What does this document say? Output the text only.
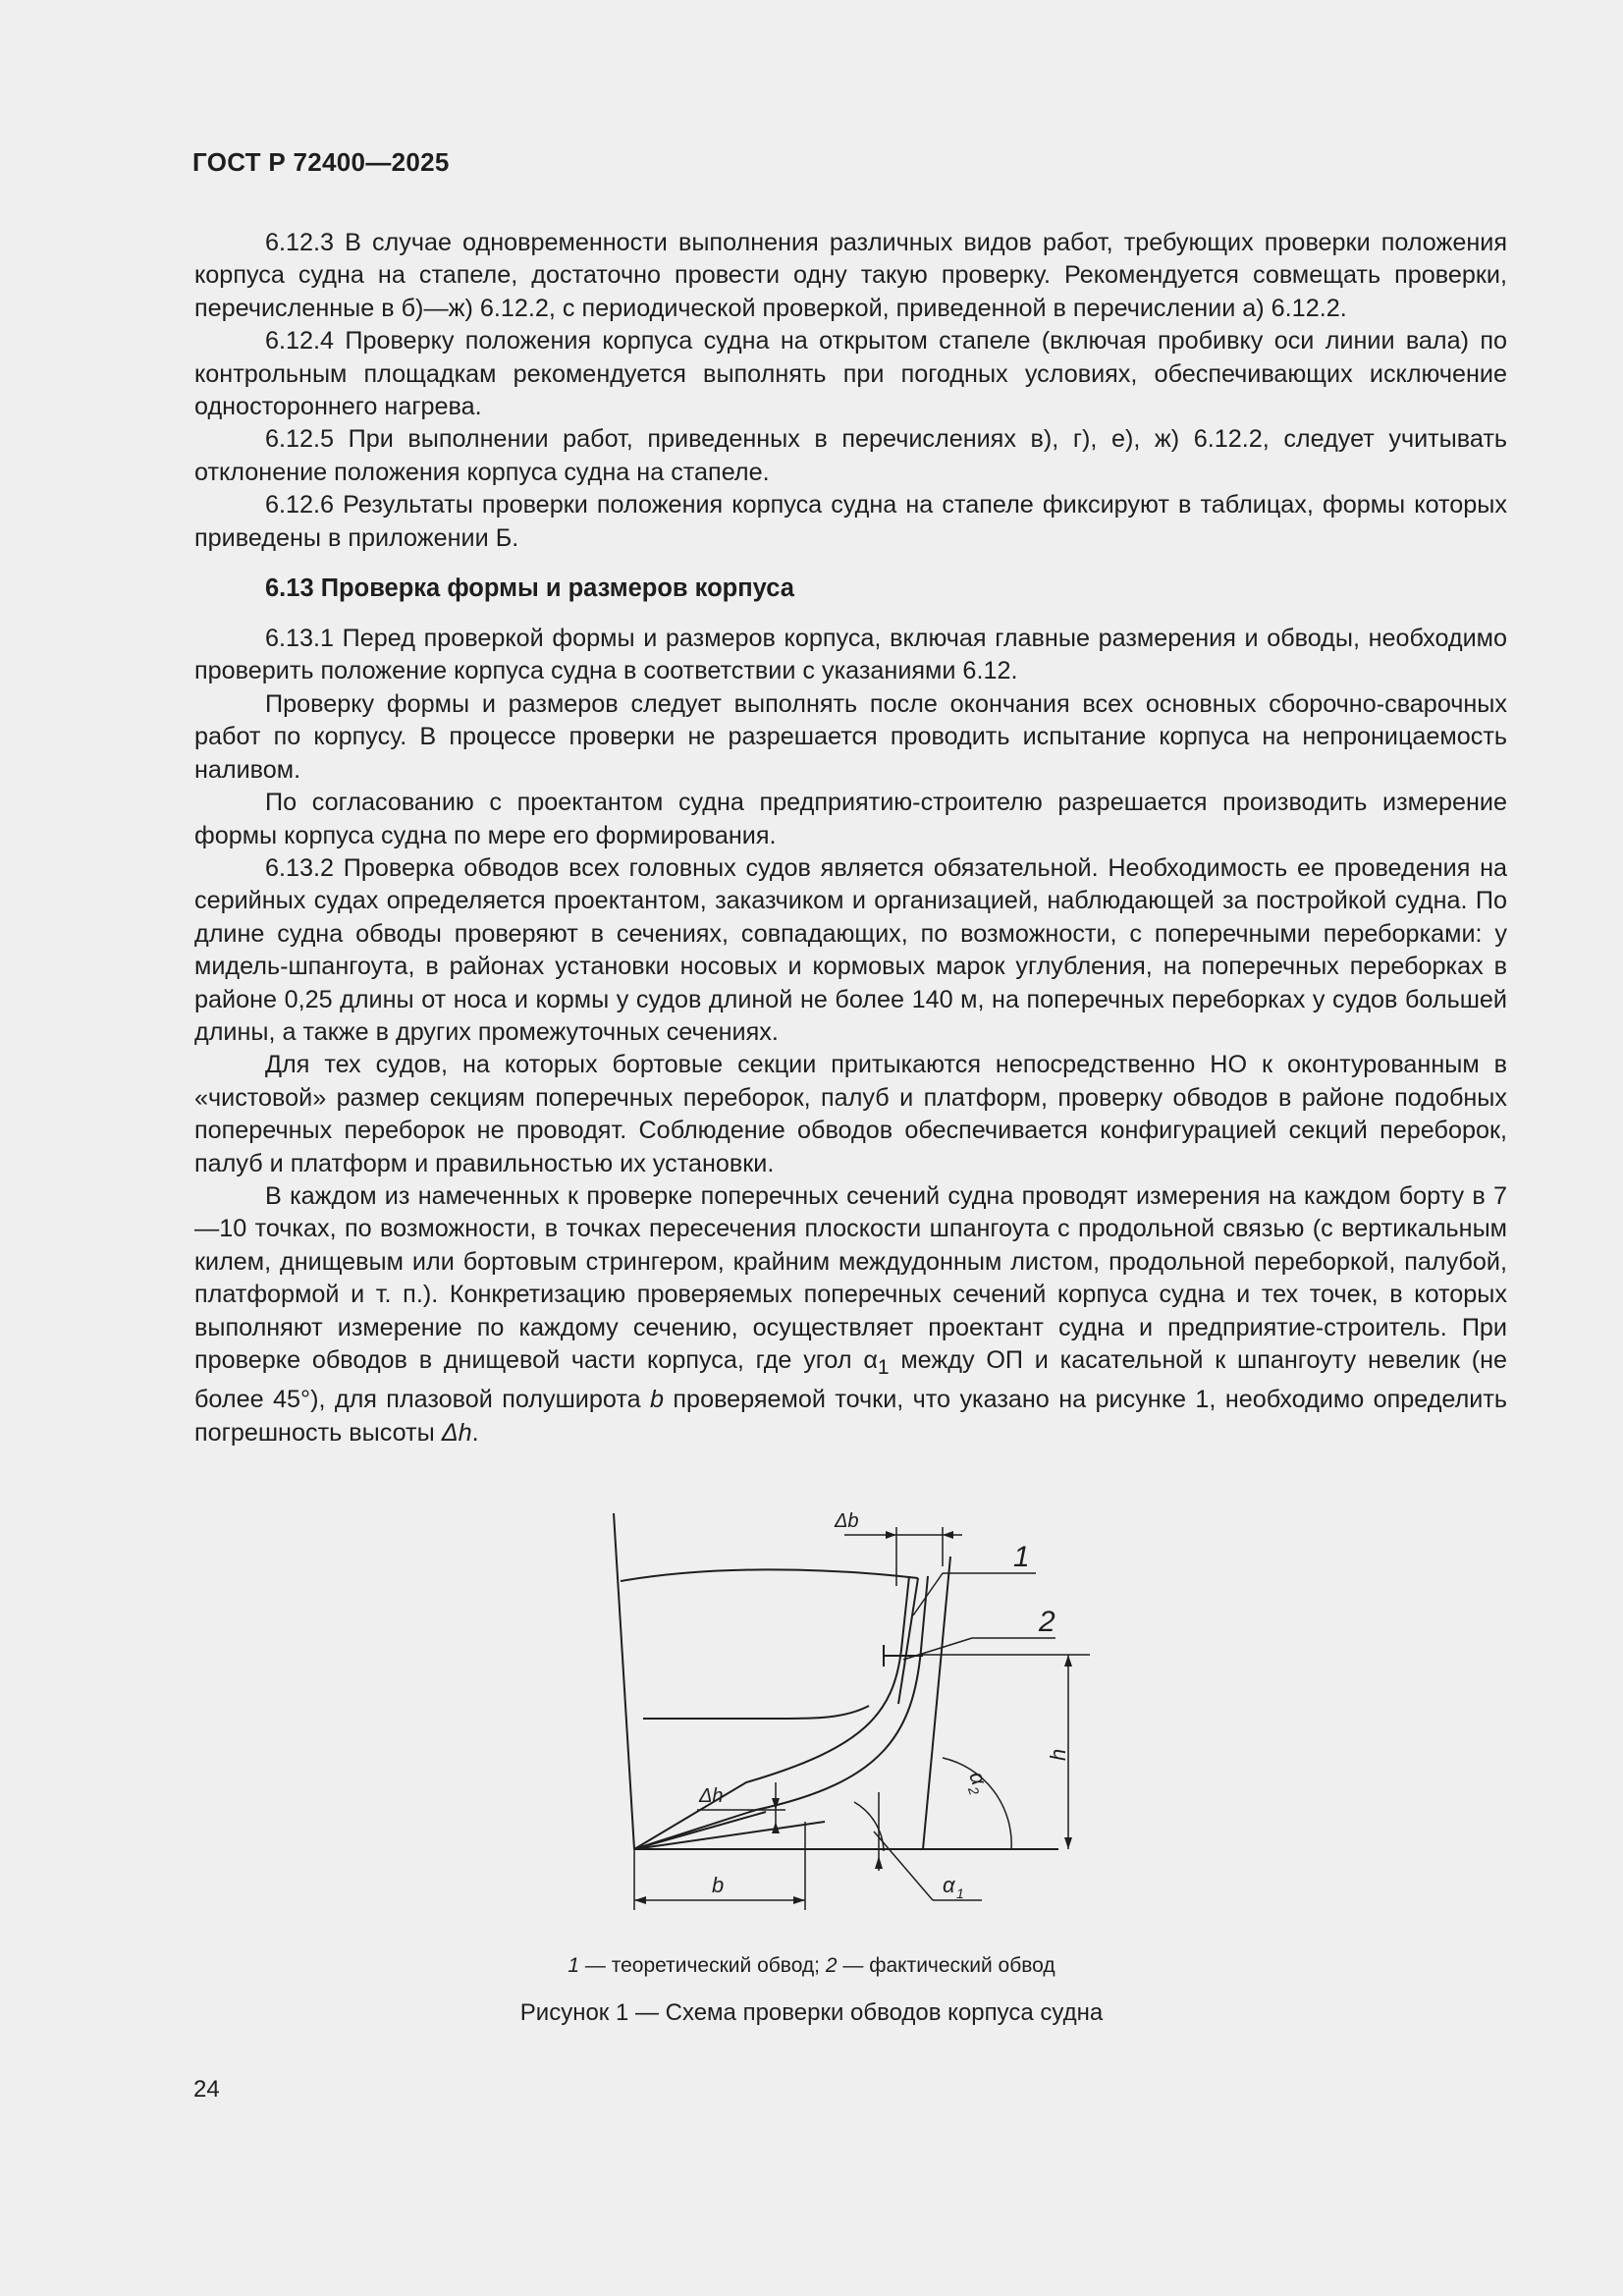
ГОСТ Р 72400—2025

6.12.3 В случае одновременности выполнения различных видов работ, требующих проверки положения корпуса судна на стапеле, достаточно провести одну такую проверку. Рекомендуется совмещать проверки, перечисленные в б)—ж) 6.12.2, с периодической проверкой, приведенной в перечислении а) 6.12.2.

6.12.4 Проверку положения корпуса судна на открытом стапеле (включая пробивку оси линии вала) по контрольным площадкам рекомендуется выполнять при погодных условиях, обеспечивающих исключение одностороннего нагрева.

6.12.5 При выполнении работ, приведенных в перечислениях в), г), е), ж) 6.12.2, следует учитывать отклонение положения корпуса судна на стапеле.

6.12.6 Результаты проверки положения корпуса судна на стапеле фиксируют в таблицах, формы которых приведены в приложении Б.

6.13 Проверка формы и размеров корпуса

6.13.1 Перед проверкой формы и размеров корпуса, включая главные размерения и обводы, необходимо проверить положение корпуса судна в соответствии с указаниями 6.12.

Проверку формы и размеров следует выполнять после окончания всех основных сборочно-сварочных работ по корпусу. В процессе проверки не разрешается проводить испытание корпуса на непроницаемость наливом.

По согласованию с проектантом судна предприятию-строителю разрешается производить измерение формы корпуса судна по мере его формирования.

6.13.2 Проверка обводов всех головных судов является обязательной. Необходимость ее проведения на серийных судах определяется проектантом, заказчиком и организацией, наблюдающей за постройкой судна. По длине судна обводы проверяют в сечениях, совпадающих, по возможности, с поперечными переборками: у мидель-шпангоута, в районах установки носовых и кормовых марок углубления, на поперечных переборках в районе 0,25 длины от носа и кормы у судов длиной не более 140 м, на поперечных переборках у судов большей длины, а также в других промежуточных сечениях.

Для тех судов, на которых бортовые секции притыкаются непосредственно НО к оконтурованным в «чистовой» размер секциям поперечных переборок, палуб и платформ, проверку обводов в районе подобных поперечных переборок не проводят. Соблюдение обводов обеспечивается конфигурацией секций переборок, палуб и платформ и правильностью их установки.

В каждом из намеченных к проверке поперечных сечений судна проводят измерения на каждом борту в 7—10 точках, по возможности, в точках пересечения плоскости шпангоута с продольной связью (с вертикальным килем, днищевым или бортовым стрингером, крайним междудонным листом, продольной переборкой, палубой, платформой и т. п.). Конкретизацию проверяемых поперечных сечений корпуса судна и тех точек, в которых выполняют измерение по каждому сечению, осуществляет проектант судна и предприятие-строитель. При проверке обводов в днищевой части корпуса, где угол $\alpha_1$ между ОП и касательной к шпангоуту невелик (не более 45°), для плазовой полуширота b проверяемой точки, что указано на рисунке 1, необходимо определить погрешность высоты Δh.

Δb
1
2
h
α
2
Δh
b	α 1
1 — теоретический обвод; 2 — фактический обвод
Рисунок 1 — Схема проверки обводов корпуса судна
24
